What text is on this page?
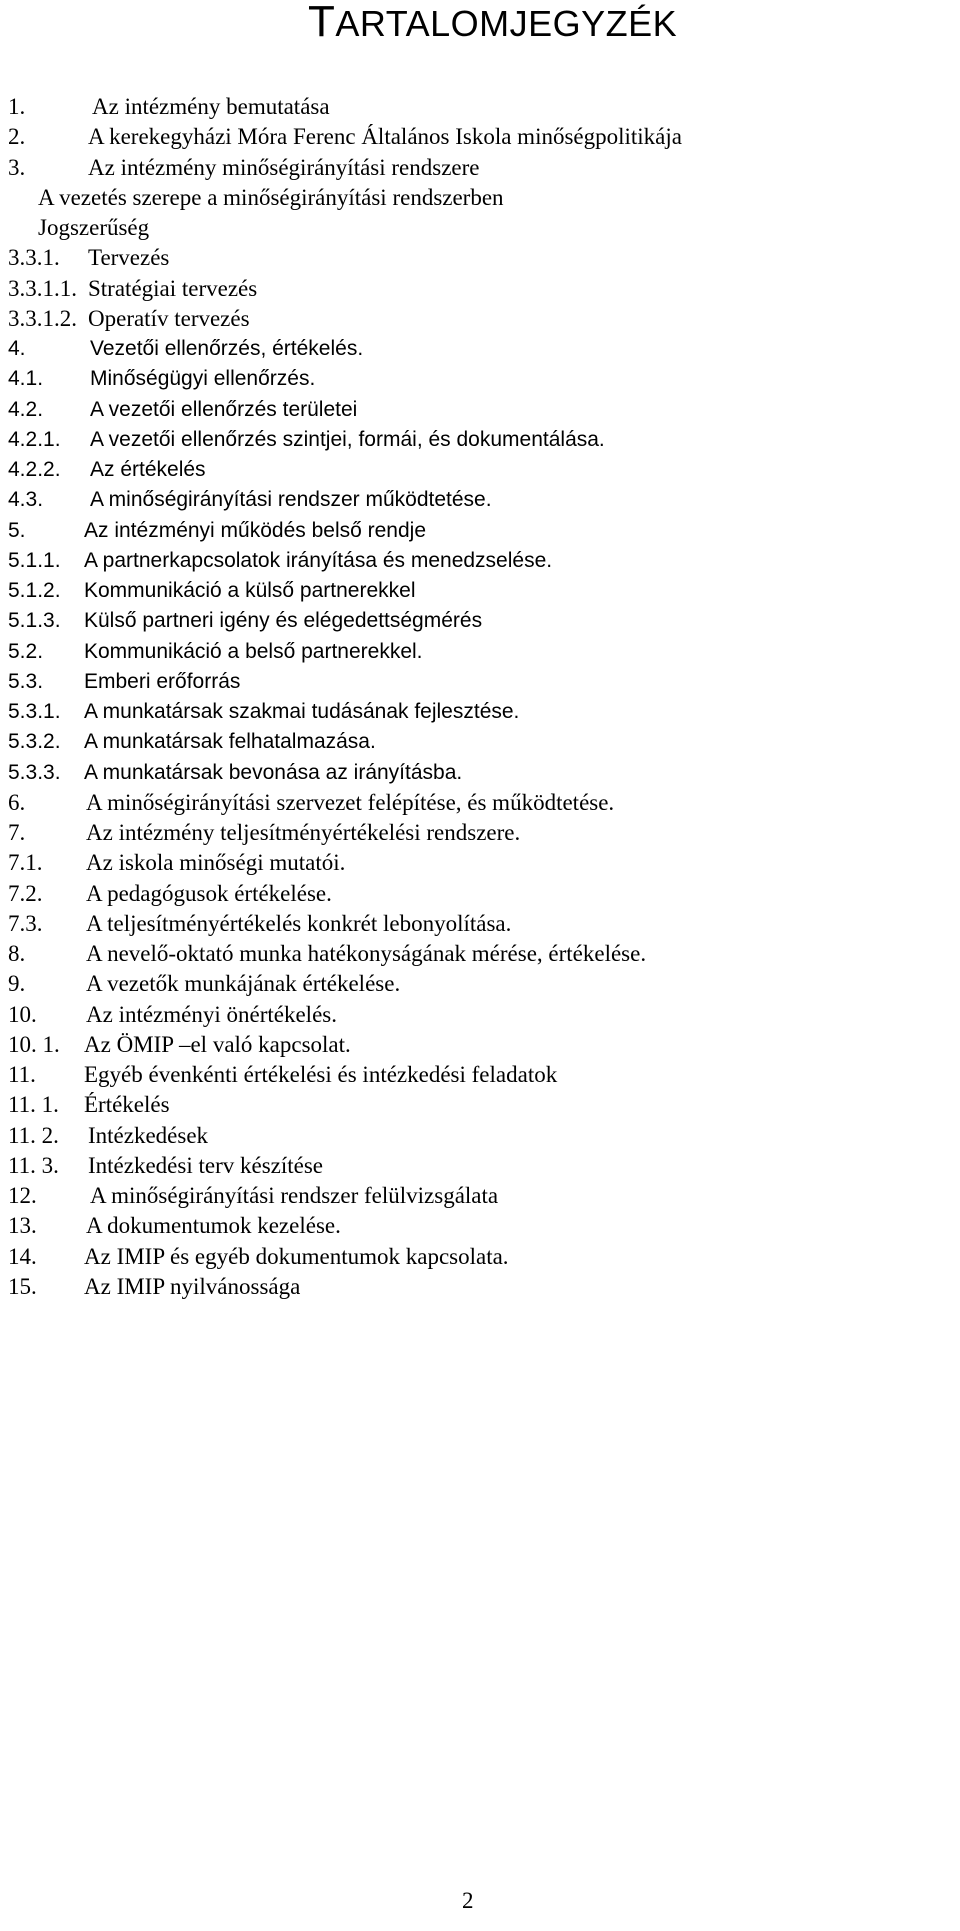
TARTALOMJEGYZÉK
1.	Az intézmény bemutatása
2.	A kerekegyházi Móra Ferenc Általános Iskola minőségpolitikája
3.	Az intézmény minőségirányítási rendszere
A vezetés szerepe a minőségirányítási rendszerben
Jogszerűség
3.3.1. Tervezés
3.3.1.1. Stratégiai tervezés
3.3.1.2. Operatív tervezés
4.	Vezetői ellenőrzés, értékelés.
4.1. Minőségügyi ellenőrzés.
4.2. A vezetői ellenőrzés területei
4.2.1. A vezetői ellenőrzés szintjei, formái, és dokumentálása.
4.2.2. Az értékelés
4.3. A minőségirányítási rendszer működtetése.
5.	Az intézményi működés belső rendje
5.1.1. A partnerkapcsolatok irányítása és menedzselése.
5.1.2. Kommunikáció a külső partnerekkel
5.1.3. Külső partneri igény és elégedettségmérés
5.2. Kommunikáció a belső partnerekkel.
5.3. Emberi erőforrás
5.3.1. A munkatársak szakmai tudásának fejlesztése.
5.3.2. A munkatársak felhatalmazása.
5.3.3. A munkatársak bevonása az irányításba.
6.	A minőségirányítási szervezet felépítése, és működtetése.
7.	Az intézmény teljesítményértékelési rendszere.
7.1. Az iskola minőségi mutatói.
7.2. A pedagógusok értékelése.
7.3. A teljesítményértékelés konkrét lebonyolítása.
8.	A nevelő-oktató munka hatékonyságának mérése, értékelése.
9.	A vezetők munkájának értékelése.
10. Az intézményi önértékelés.
10. 1. Az ÖMIP –el való kapcsolat.
11. Egyéb évenkénti értékelési és intézkedési feladatok
11. 1. Értékelés
11. 2. Intézkedések
11. 3. Intézkedési terv készítése
12. A minőségirányítási rendszer felülvizsgálata
13. A dokumentumok kezelése.
14. Az IMIP és egyéb dokumentumok kapcsolata.
15. Az IMIP nyilvánossága
2
